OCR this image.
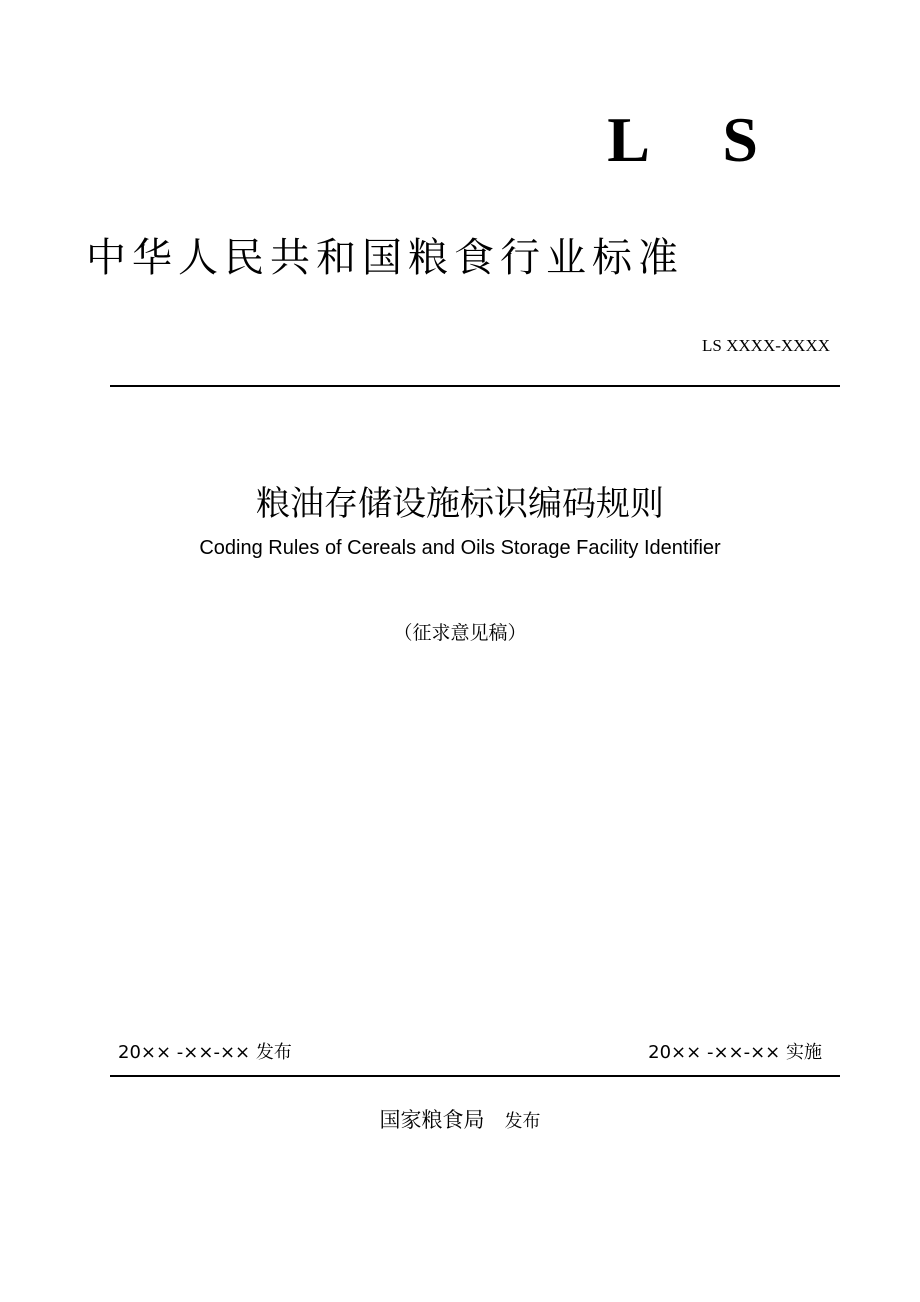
L S
中华人民共和国粮食行业标准
LS XXXX-XXXX
粮油存储设施标识编码规则
Coding Rules of Cereals and Oils Storage Facility Identifier
（征求意见稿）
20×× -××-×× 发布	20×× -××-×× 实施
国家粮食局 发布
